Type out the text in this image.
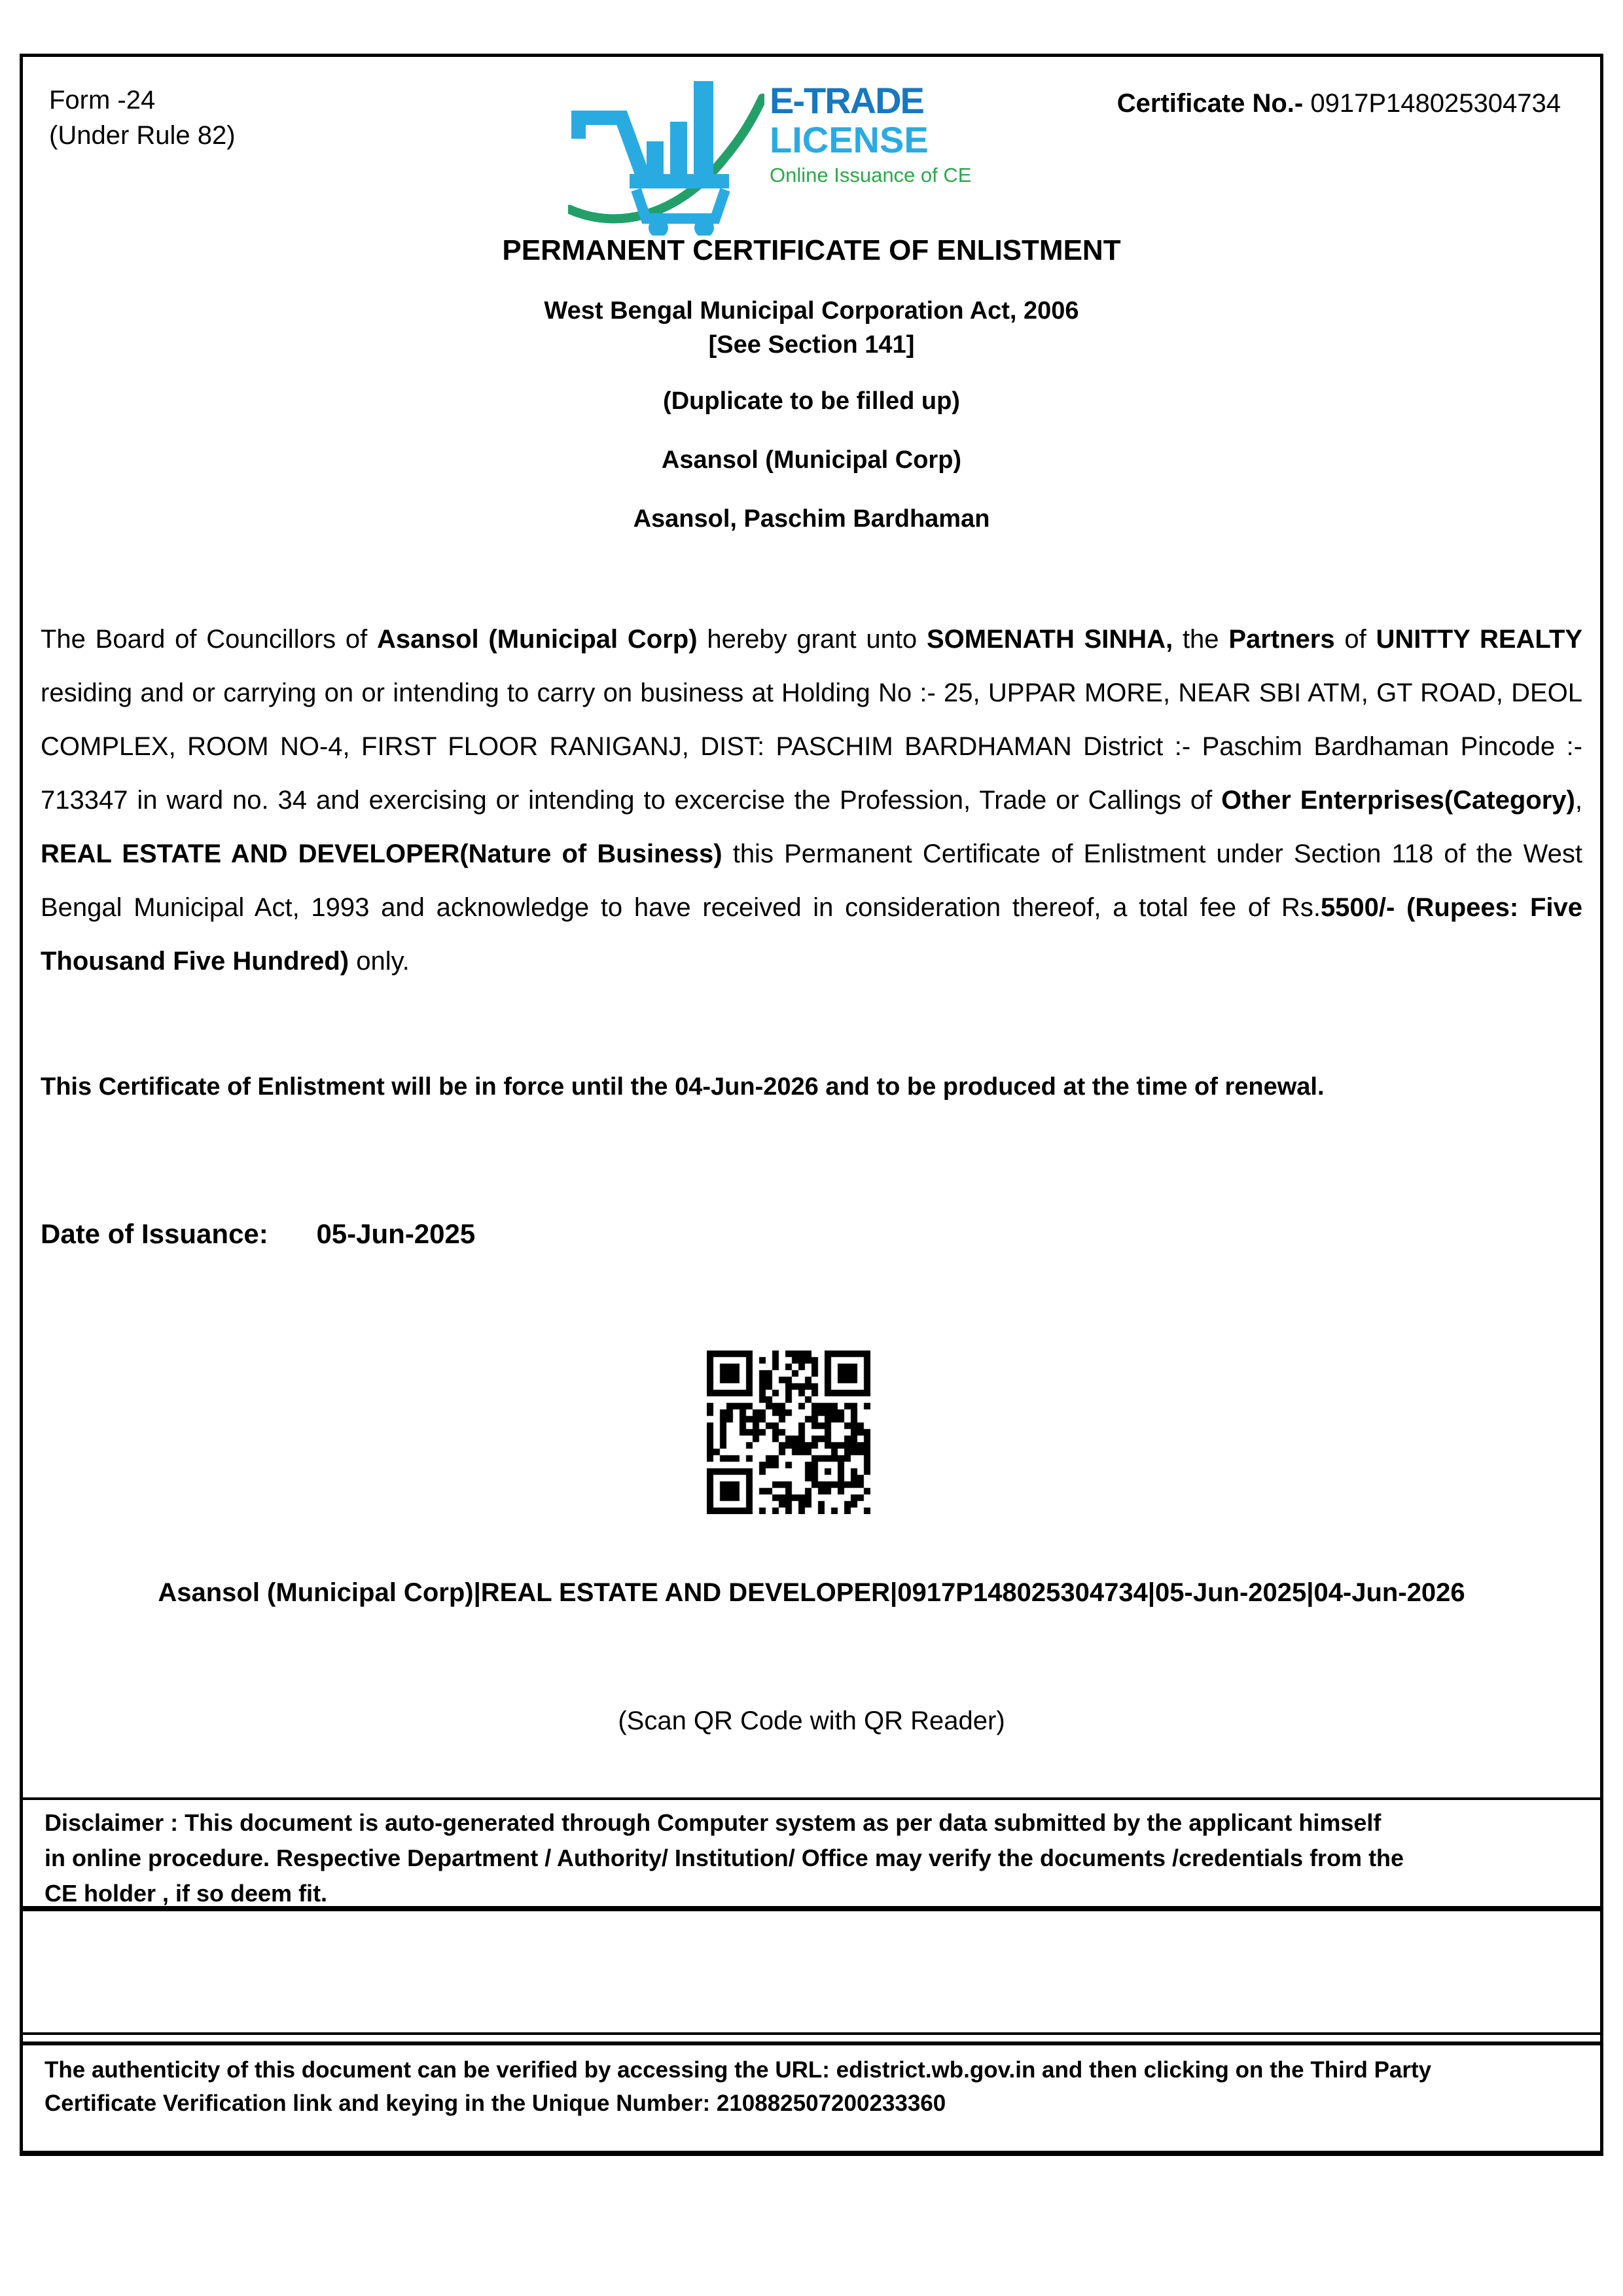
Form -24
(Under Rule 82)
Certificate No.- 0917P148025304734
E-TRADE
LICENSE
Online Issuance of CE
PERMANENT CERTIFICATE OF ENLISTMENT
West Bengal Municipal Corporation Act, 2006
[See Section 141]
(Duplicate to be filled up)
Asansol (Municipal Corp)
Asansol, Paschim Bardhaman
The Board of Councillors of Asansol (Municipal Corp) hereby grant unto SOMENATH SINHA, the Partners of UNITTY REALTY residing and or carrying on or intending to carry on business at Holding No :- 25, UPPAR MORE, NEAR SBI ATM, GT ROAD, DEOL COMPLEX, ROOM NO-4, FIRST FLOOR RANIGANJ, DIST: PASCHIM BARDHAMAN District :- Paschim Bardhaman Pincode :- 713347 in ward no. 34 and exercising or intending to excercise the Profession, Trade or Callings of Other Enterprises(Category), REAL ESTATE AND DEVELOPER(Nature of Business) this Permanent Certificate of Enlistment under Section 118 of the West Bengal Municipal Act, 1993 and acknowledge to have received in consideration thereof, a total fee of Rs.5500/- (Rupees: Five Thousand Five Hundred) only.
This Certificate of Enlistment will be in force until the 04-Jun-2026 and to be produced at the time of renewal.
Date of Issuance: 05-Jun-2025
Asansol (Municipal Corp)|REAL ESTATE AND DEVELOPER|0917P148025304734|05-Jun-2025|04-Jun-2026
(Scan QR Code with QR Reader)
Disclaimer : This document is auto-generated through Computer system as per data submitted by the applicant himself in online procedure. Respective Department / Authority/ Institution/ Office may verify the documents /credentials from the CE holder , if so deem fit.
The authenticity of this document can be verified by accessing the URL: edistrict.wb.gov.in and then clicking on the Third Party Certificate Verification link and keying in the Unique Number: 210882507200233360
